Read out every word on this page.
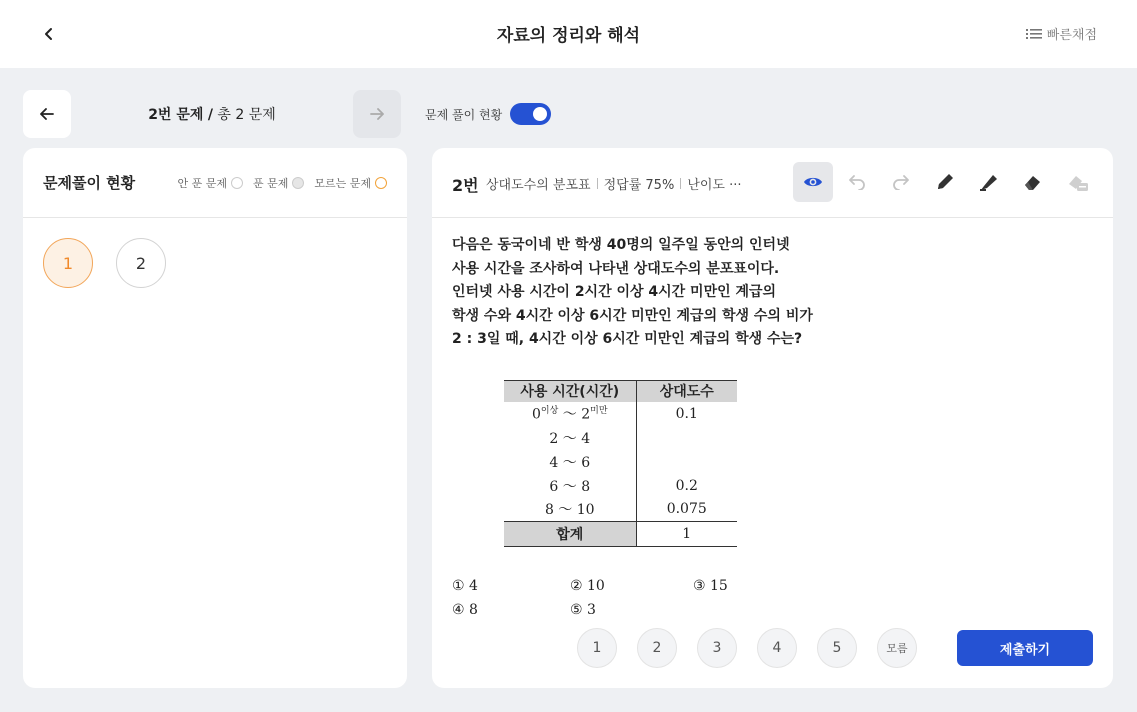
자료의 정리와 해석	빠른채점
2번 문제 / 총 2 문제	문제 풀이 현황
문제풀이 현황	안 푼 문제 푼 문제 모르는 문제
1	2
2번 상대도수의 분포표 정답률 75% 난이도 ···
다음은 동국이네 반 학생 40명의 일주일 동안의 인터넷
사용 시간을 조사하여 나타낸 상대도수의 분포표이다.
인터넷 사용 시간이 2시간 이상 4시간 미만인 계급의
학생 수와 4시간 이상 6시간 미만인 계급의 학생 수의 비가
2 : 3일 때, 4시간 이상 6시간 미만인 계급의 학생 수는?
사용 시간(시간)	상대도수
$0^{이상}$ ～ $2^{미만}$	0.1
2 ～ 4	
4 ～ 6	
6 ～ 8	0.2
8 ～ 10	0.075
합계	1
① 4	② 10	③ 15
④ 8	⑤ 3
1	2	3	4	5	모름	제출하기
